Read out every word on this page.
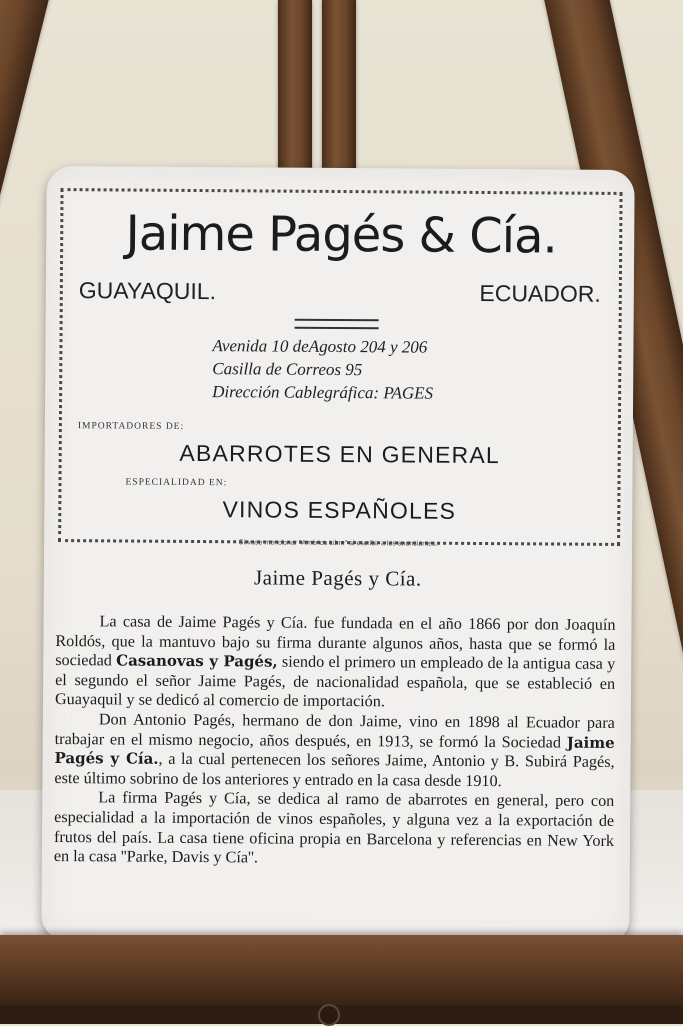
Jaime Pagés & Cía.
GUAYAQUIL.	ECUADOR.
Avenida 10 deAgosto 204 y 206
Casilla de Correos 95
Dirección Cablegráfica: PAGES
IMPORTADORES DE:
ABARROTES EN GENERAL
ESPECIALIDAD EN:
VINOS ESPAÑOLES
Sírvase mencionar "América Libre" al escribir a los anunciantes.
Jaime Pagés y Cía.

La casa de Jaime Pagés y Cía. fue fundada en el año 1866 por don Joaquín Roldós, que la mantuvo bajo su firma durante algunos años, hasta que se formó la sociedad Casanovas y Pagés, siendo el primero un empleado de la antigua casa y el segundo el señor Jaime Pagés, de nacionalidad española, que se estableció en Guayaquil y se dedicó al comercio de importación.

Don Antonio Pagés, hermano de don Jaime, vino en 1898 al Ecuador para trabajar en el mismo negocio, años después, en 1913, se formó la Sociedad Jaime Pagés y Cía., a la cual pertenecen los señores Jaime, Antonio y B. Subirá Pagés, este último sobrino de los anteriores y entrado en la casa desde 1910.

La firma Pagés y Cía, se dedica al ramo de abarrotes en general, pero con especialidad a la importación de vinos españoles, y alguna vez a la exportación de frutos del país. La casa tiene oficina propia en Barcelona y referencias en New York en la casa ''Parke, Davis y Cía''.
